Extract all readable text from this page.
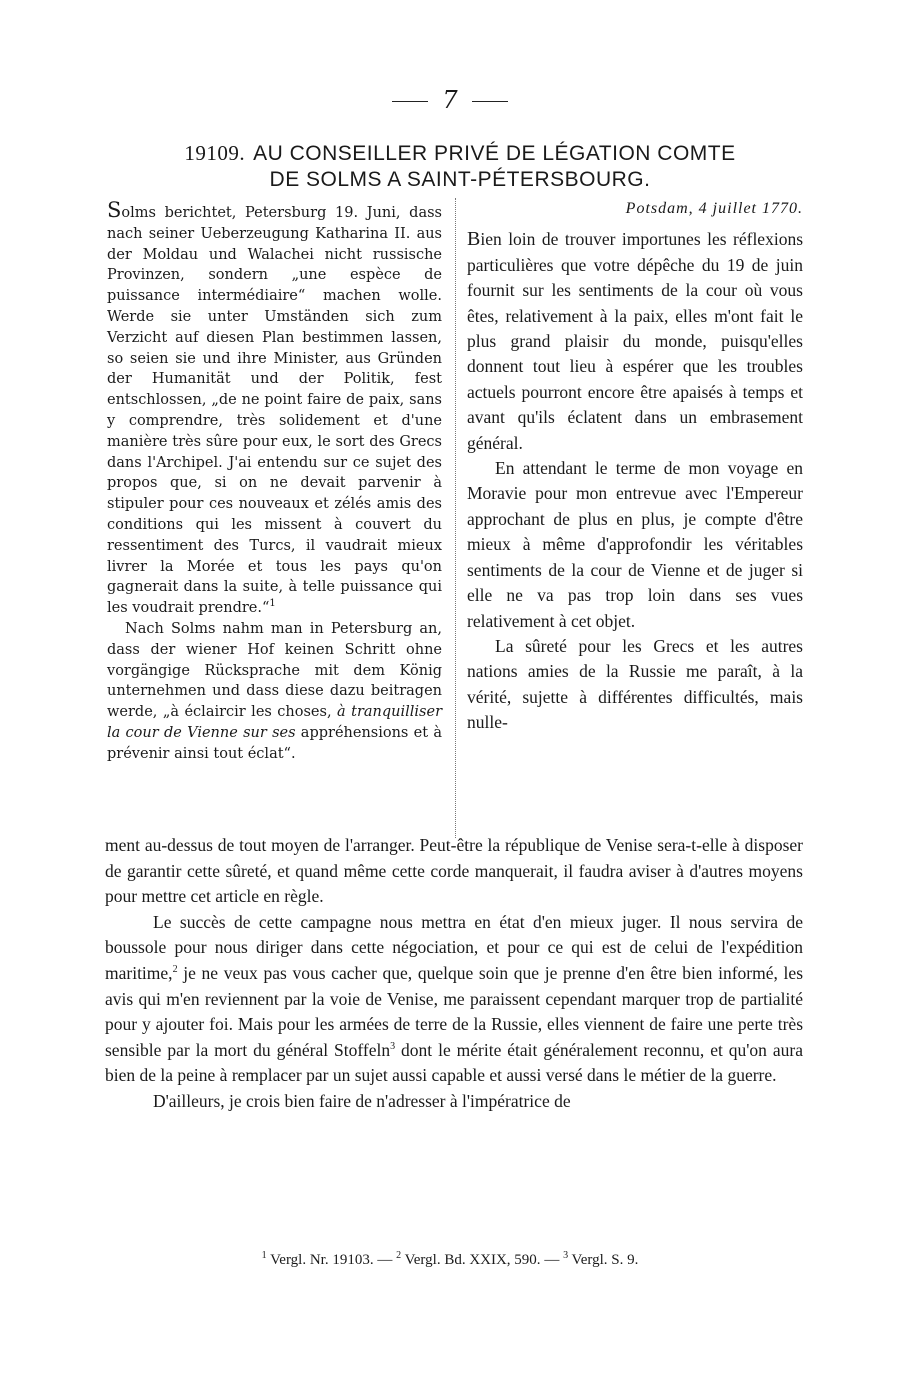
7
19109. AU CONSEILLER PRIVÉ DE LÉGATION COMTE
DE SOLMS A SAINT-PÉTERSBOURG.

Solms berichtet, Petersburg 19. Juni, dass nach seiner Ueberzeugung Katharina II. aus der Moldau und Walachei nicht russische Provinzen, sondern „une espèce de puissance intermédiaire“ machen wolle. Werde sie unter Umständen sich zum Verzicht auf diesen Plan bestimmen lassen, so seien sie und ihre Minister, aus Gründen der Humanität und der Politik, fest entschlossen, „de ne point faire de paix, sans y comprendre, très solidement et d'une manière très sûre pour eux, le sort des Grecs dans l'Archipel. J'ai entendu sur ce sujet des propos que, si on ne devait parvenir à stipuler pour ces nouveaux et zélés amis des conditions qui les missent à couvert du ressentiment des Turcs, il vaudrait mieux livrer la Morée et tous les pays qu'on gagnerait dans la suite, à telle puissance qui les voudrait prendre.“$^1$

Nach Solms nahm man in Petersburg an, dass der wiener Hof keinen Schritt ohne vorgängige Rücksprache mit dem König unternehmen und dass diese dazu beitragen werde, „à éclaircir les choses, à tranquilliser la cour de Vienne sur ses appréhensions et à prévenir ainsi tout éclat“.

Potsdam, 4 juillet 1770.

Bien loin de trouver importunes les réflexions particulières que votre dépêche du 19 de juin fournit sur les sentiments de la cour où vous êtes, relativement à la paix, elles m'ont fait le plus grand plaisir du monde, puisqu'elles donnent tout lieu à espérer que les troubles actuels pourront encore être apaisés à temps et avant qu'ils éclatent dans un embrasement général.

En attendant le terme de mon voyage en Moravie pour mon entrevue avec l'Empereur approchant de plus en plus, je compte d'être mieux à même d'approfondir les véritables sentiments de la cour de Vienne et de juger si elle ne va pas trop loin dans ses vues relativement à cet objet.

La sûreté pour les Grecs et les autres nations amies de la Russie me paraît, à la vérité, sujette à différentes difficultés, mais nulle-

ment au-dessus de tout moyen de l'arranger. Peut-être la république de Venise sera-t-elle à disposer de garantir cette sûreté, et quand même cette corde manquerait, il faudra aviser à d'autres moyens pour mettre cet article en règle.

Le succès de cette campagne nous mettra en état d'en mieux juger. Il nous servira de boussole pour nous diriger dans cette négociation, et pour ce qui est de celui de l'expédition maritime,$^2$ je ne veux pas vous cacher que, quelque soin que je prenne d'en être bien informé, les avis qui m'en reviennent par la voie de Venise, me paraissent cependant marquer trop de partialité pour y ajouter foi. Mais pour les armées de terre de la Russie, elles viennent de faire une perte très sensible par la mort du général Stoffeln$^3$ dont le mérite était généralement reconnu, et qu'on aura bien de la peine à remplacer par un sujet aussi capable et aussi versé dans le métier de la guerre.

D'ailleurs, je crois bien faire de n'adresser à l'impératrice de

$^1$ Vergl. Nr. 19103. — $^2$ Vergl. Bd. XXIX, 590. — $^3$ Vergl. S. 9.
